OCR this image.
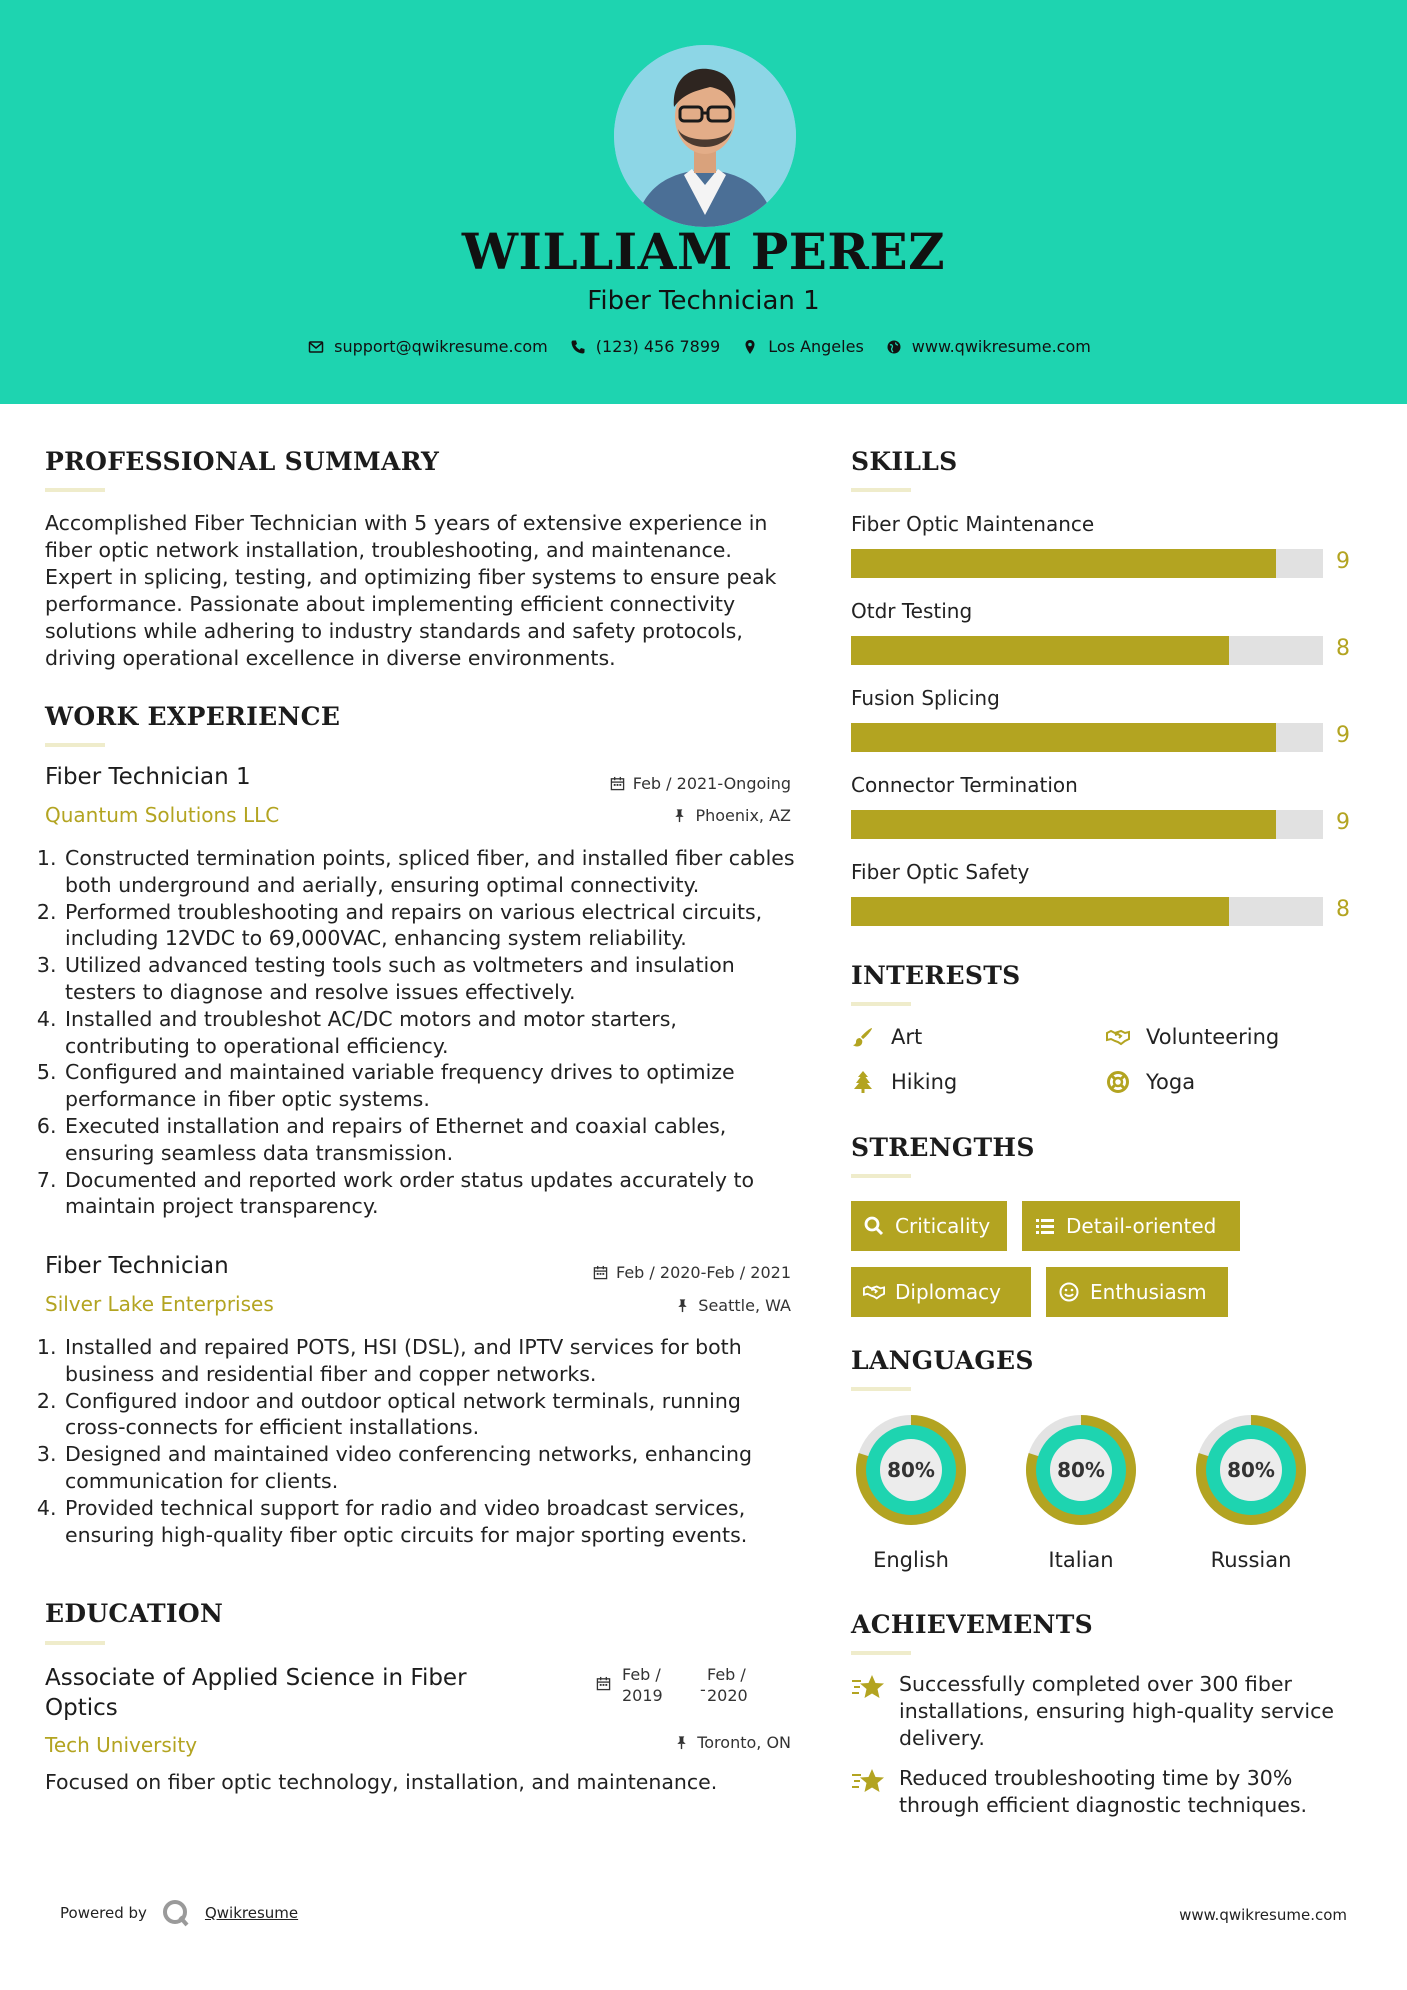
WILLIAM PEREZ
Fiber Technician 1
support@qwikresume.com	(123) 456 7899	Los Angeles	www.qwikresume.com
PROFESSIONAL SUMMARY
Accomplished Fiber Technician with 5 years of extensive experience in fiber optic network installation, troubleshooting, and maintenance. Expert in splicing, testing, and optimizing fiber systems to ensure peak performance. Passionate about implementing efficient connectivity solutions while adhering to industry standards and safety protocols, driving operational excellence in diverse environments.
WORK EXPERIENCE
Fiber Technician 1	Feb / 2021-Ongoing
Quantum Solutions LLC	Phoenix, AZ
1. Constructed termination points, spliced fiber, and installed fiber cables both underground and aerially, ensuring optimal connectivity.
2. Performed troubleshooting and repairs on various electrical circuits, including 12VDC to 69,000VAC, enhancing system reliability.
3. Utilized advanced testing tools such as voltmeters and insulation testers to diagnose and resolve issues effectively.
4. Installed and troubleshot AC/DC motors and motor starters, contributing to operational efficiency.
5. Configured and maintained variable frequency drives to optimize performance in fiber optic systems.
6. Executed installation and repairs of Ethernet and coaxial cables, ensuring seamless data transmission.
7. Documented and reported work order status updates accurately to maintain project transparency.
Fiber Technician	Feb / 2020-Feb / 2021
Silver Lake Enterprises	Seattle, WA
1. Installed and repaired POTS, HSI (DSL), and IPTV services for both business and residential fiber and copper networks.
2. Configured indoor and outdoor optical network terminals, running cross-connects for efficient installations.
3. Designed and maintained video conferencing networks, enhancing communication for clients.
4. Provided technical support for radio and video broadcast services, ensuring high-quality fiber optic circuits for major sporting events.
EDUCATION
Associate of Applied Science in Fiber
Optics
Feb /
2019	-
Feb /
2020
Tech University	Toronto, ON
Focused on fiber optic technology, installation, and maintenance.
SKILLS
Fiber Optic Maintenance
9
Otdr Testing
8
Fusion Splicing
9
Connector Termination
9
Fiber Optic Safety
8
INTERESTS
Art	Volunteering
Hiking	Yoga
STRENGTHS
Criticality	Detail-oriented
Diplomacy	Enthusiasm
LANGUAGES
80%
English
80%
Italian
80%
Russian
ACHIEVEMENTS
Successfully completed over 300 fiber installations, ensuring high-quality service delivery.
Reduced troubleshooting time by 30% through efficient diagnostic techniques.
Powered by	Qwikresume	www.qwikresume.com
